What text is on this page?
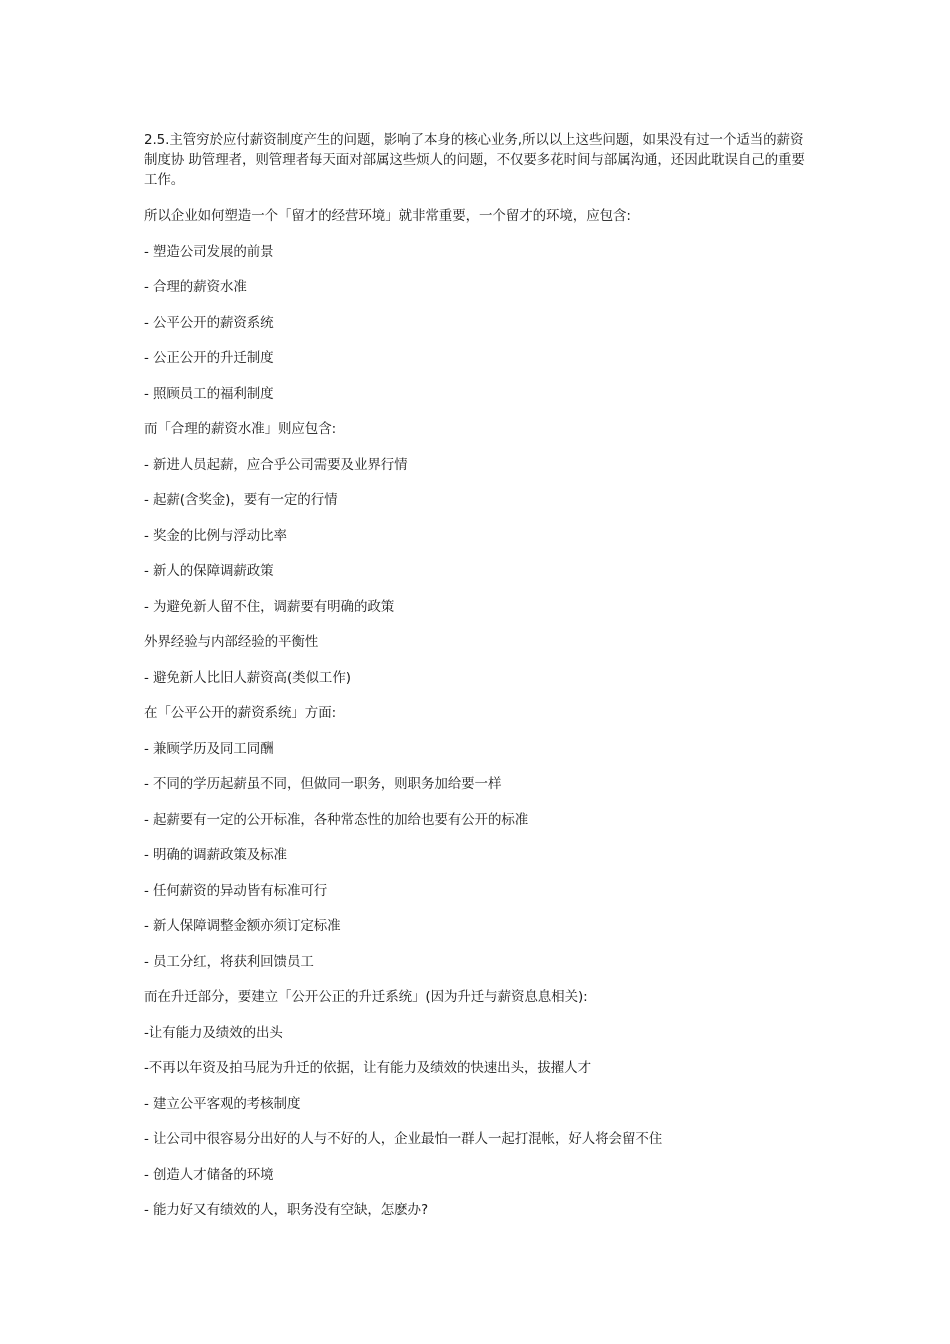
2.5.主管穷於应付薪资制度产生的问题，影响了本身的核心业务,所以以上这些问题，如果没有过一个适当的薪资制度协 助管理者，则管理者每天面对部属这些烦人的问题，不仅要多花时间与部属沟通，还因此耽误自己的重要工作。

所以企业如何塑造一个「留才的经营环境」就非常重要，一个留才的环境，应包含:

- 塑造公司发展的前景

- 合理的薪资水准

- 公平公开的薪资系统

- 公正公开的升迁制度

- 照顾员工的福利制度

而「合理的薪资水准」则应包含:

- 新进人员起薪，应合乎公司需要及业界行情

- 起薪(含奖金)，要有一定的行情

- 奖金的比例与浮动比率

- 新人的保障调薪政策

- 为避免新人留不住，调薪要有明确的政策

外界经验与内部经验的平衡性

- 避免新人比旧人薪资高(类似工作)

在「公平公开的薪资系统」方面:

- 兼顾学历及同工同酬

- 不同的学历起薪虽不同，但做同一职务，则职务加给要一样

- 起薪要有一定的公开标准，各种常态性的加给也要有公开的标准

- 明确的调薪政策及标准

- 任何薪资的异动皆有标准可行

- 新人保障调整金额亦须订定标准

- 员工分红，将获利回馈员工

而在升迁部分，要建立「公开公正的升迁系统」(因为升迁与薪资息息相关):

-让有能力及绩效的出头

-不再以年资及拍马屁为升迁的依据，让有能力及绩效的快速出头，拔擢人才

- 建立公平客观的考核制度

- 让公司中很容易分出好的人与不好的人，企业最怕一群人一起打混帐，好人将会留不住

- 创造人才储备的环境

- 能力好又有绩效的人，职务没有空缺，怎麽办?
